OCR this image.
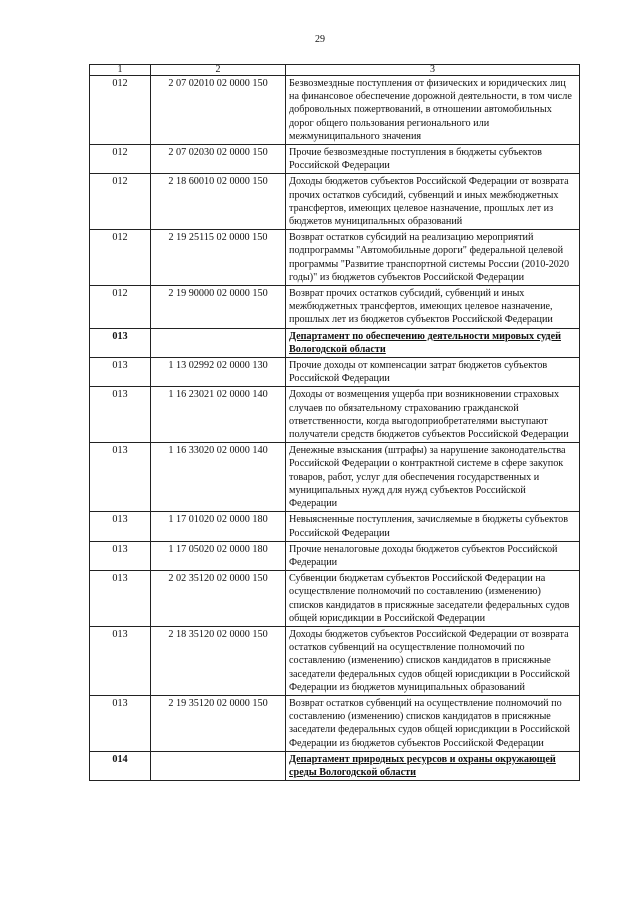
29
1	2	3
012	2 07 02010 02 0000 150	Безвозмездные поступления от физических и юридических лиц на финансовое обеспечение дорожной деятельности, в том числе добровольных пожертвований, в отношении автомобильных дорог общего пользования регионального или межмуниципального значения
012	2 07 02030 02 0000 150	Прочие безвозмездные поступления в бюджеты субъектов Российской Федерации
012	2 18 60010 02 0000 150	Доходы бюджетов субъектов Российской Федерации от возврата прочих остатков субсидий, субвенций и иных межбюджетных трансфертов, имеющих целевое назначение, прошлых лет из бюджетов муниципальных образований
012	2 19 25115 02 0000 150	Возврат остатков субсидий на реализацию мероприятий подпрограммы "Автомобильные дороги" федеральной целевой программы "Развитие транспортной системы России (2010-2020 годы)" из бюджетов субъектов Российской Федерации
012	2 19 90000 02 0000 150	Возврат прочих остатков субсидий, субвенций и иных межбюджетных трансфертов, имеющих целевое назначение, прошлых лет из бюджетов субъектов Российской Федерации
013		Департамент по обеспечению деятельности мировых судей Вологодской области
013	1 13 02992 02 0000 130	Прочие доходы от компенсации затрат бюджетов субъектов Российской Федерации
013	1 16 23021 02 0000 140	Доходы от возмещения ущерба при возникновении страховых случаев по обязательному страхованию гражданской ответственности, когда выгодоприобретателями выступают получатели средств бюджетов субъектов Российской Федерации
013	1 16 33020 02 0000 140	Денежные взыскания (штрафы) за нарушение законодательства Российской Федерации о контрактной системе в сфере закупок товаров, работ, услуг для обеспечения государственных и муниципальных нужд для нужд субъектов Российской Федерации
013	1 17 01020 02 0000 180	Невыясненные поступления, зачисляемые в бюджеты субъектов Российской Федерации
013	1 17 05020 02 0000 180	Прочие неналоговые доходы бюджетов субъектов Российской Федерации
013	2 02 35120 02 0000 150	Субвенции бюджетам субъектов Российской Федерации на осуществление полномочий по составлению (изменению) списков кандидатов в присяжные заседатели федеральных судов общей юрисдикции в Российской Федерации
013	2 18 35120 02 0000 150	Доходы бюджетов субъектов Российской Федерации от возврата остатков субвенций на осуществление полномочий по составлению (изменению) списков кандидатов в присяжные заседатели федеральных судов общей юрисдикции в Российской Федерации из бюджетов муниципальных образований
013	2 19 35120 02 0000 150	Возврат остатков субвенций на осуществление полномочий по составлению (изменению) списков кандидатов в присяжные заседатели федеральных судов общей юрисдикции в Российской Федерации из бюджетов субъектов Российской Федерации
014		Департамент природных ресурсов и охраны окружающей среды Вологодской области
